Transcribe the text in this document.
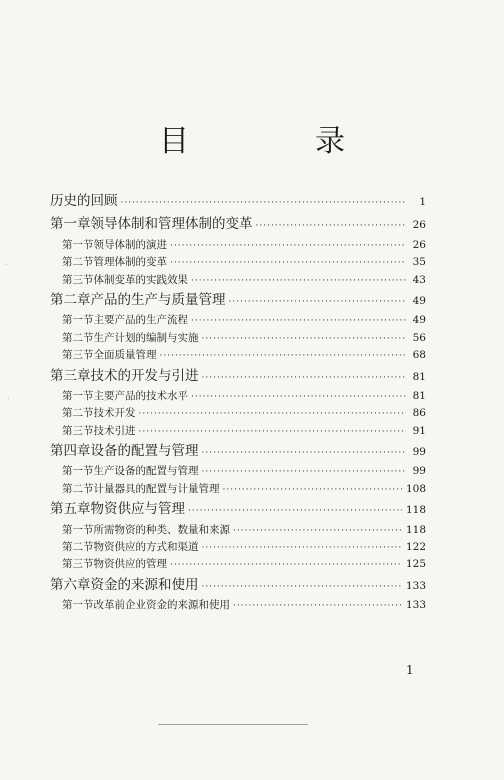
目　录
历史的回顾 ·····	1
第一章 领导体制和管理体制的变革 ·····	26
第一节 领导体制的演进 ·····	26
第二节 管理体制的变革 ·····	35
第三节 体制变革的实践效果 ·····	43
第二章 产品的生产与质量管理 ·····	49
第一节 主要产品的生产流程 ·····	49
第二节 生产计划的编制与实施 ·····	56
第三节 全面质量管理 ·····	68
第三章 技术的开发与引进 ·····	81
第一节 主要产品的技术水平 ·····	81
第二节 技术开发 ·····	86
第三节 技术引进 ·····	91
第四章 设备的配置与管理 ·····	99
第一节 生产设备的配置与管理 ·····	99
第二节 计量器具的配置与计量管理 ·····	108
第五章 物资供应与管理 ·····	118
第一节 所需物资的种类、数量和来源 ·····	118
第二节 物资供应的方式和渠道 ·····	122
第三节 物资供应的管理 ·····	125
第六章 资金的来源和使用 ·····	133
第一节 改革前企业资金的来源和使用 ·····	133
1
